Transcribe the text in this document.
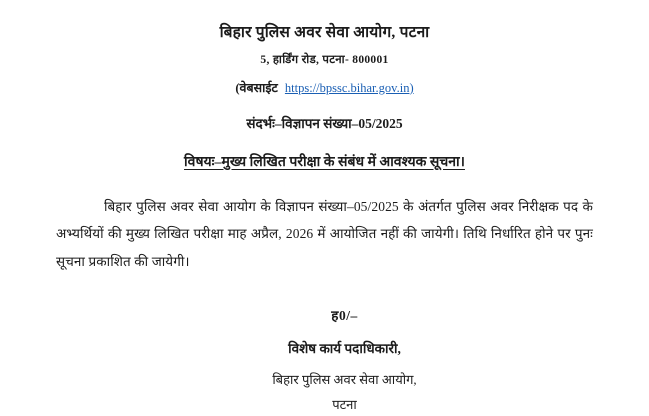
बिहार पुलिस अवर सेवा आयोग, पटना
5, हार्डिंग रोड, पटना- 800001
(वेबसाईट https://bpssc.bihar.gov.in)
संदर्भः–विज्ञापन संख्या–05/2025
विषयः–मुख्य लिखित परीक्षा के संबंध में आवश्यक सूचना।
बिहार पुलिस अवर सेवा आयोग के विज्ञापन संख्या–05/2025 के अंतर्गत पुलिस अवर निरीक्षक पद के अभ्यर्थियों की मुख्य लिखित परीक्षा माह अप्रैल, 2026 में आयोजित नहीं की जायेगी। तिथि निर्धारित होने पर पुनः सूचना प्रकाशित की जायेगी।
ह0/–
विशेष कार्य पदाधिकारी,
बिहार पुलिस अवर सेवा आयोग,
पटना
